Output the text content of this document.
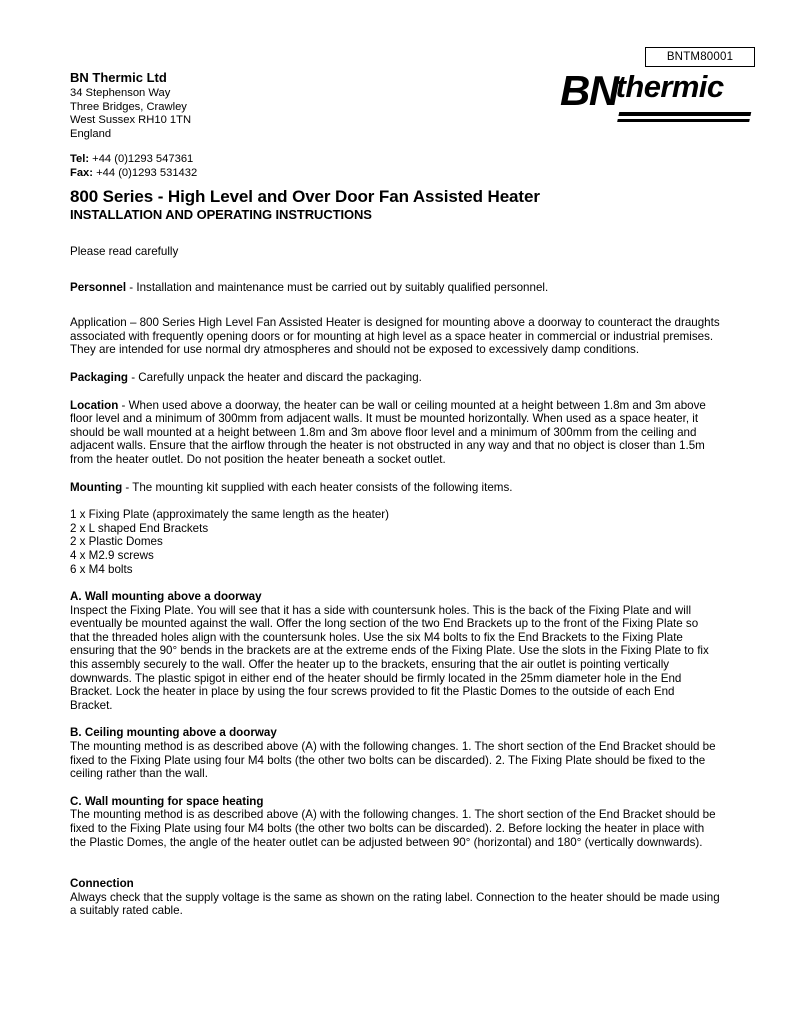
BNTM80001
BNthermic
BN Thermic Ltd
34 Stephenson Way
Three Bridges, Crawley
West Sussex RH10 1TN
England
Tel: +44 (0)1293 547361
Fax: +44 (0)1293 531432
800 Series - High Level and Over Door Fan Assisted Heater
INSTALLATION AND OPERATING INSTRUCTIONS

Please read carefully

Personnel - Installation and maintenance must be carried out by suitably qualified personnel.

Application – 800 Series High Level Fan Assisted Heater is designed for mounting above a doorway to counteract the draughts associated with frequently opening doors or for mounting at high level as a space heater in commercial or industrial premises. They are intended for use normal dry atmospheres and should not be exposed to excessively damp conditions.

Packaging - Carefully unpack the heater and discard the packaging.

Location - When used above a doorway, the heater can be wall or ceiling mounted at a height between 1.8m and 3m above floor level and a minimum of 300mm from adjacent walls. It must be mounted horizontally. When used as a space heater, it should be wall mounted at a height between 1.8m and 3m above floor level and a minimum of 300mm from the ceiling and adjacent walls. Ensure that the airflow through the heater is not obstructed in any way and that no object is closer than 1.5m from the heater outlet. Do not position the heater beneath a socket outlet.

Mounting - The mounting kit supplied with each heater consists of the following items.

1 x Fixing Plate (approximately the same length as the heater)
2 x L shaped End Brackets
2 x Plastic Domes
4 x M2.9 screws
6 x M4 bolts

A. Wall mounting above a doorway

Inspect the Fixing Plate. You will see that it has a side with countersunk holes. This is the back of the Fixing Plate and will eventually be mounted against the wall. Offer the long section of the two End Brackets up to the front of the Fixing Plate so that the threaded holes align with the countersunk holes. Use the six M4 bolts to fix the End Brackets to the Fixing Plate ensuring that the 90° bends in the brackets are at the extreme ends of the Fixing Plate. Use the slots in the Fixing Plate to fix this assembly securely to the wall. Offer the heater up to the brackets, ensuring that the air outlet is pointing vertically downwards. The plastic spigot in either end of the heater should be firmly located in the 25mm diameter hole in the End Bracket. Lock the heater in place by using the four screws provided to fit the Plastic Domes to the outside of each End Bracket.

B. Ceiling mounting above a doorway

The mounting method is as described above (A) with the following changes. 1. The short section of the End Bracket should be fixed to the Fixing Plate using four M4 bolts (the other two bolts can be discarded). 2. The Fixing Plate should be fixed to the ceiling rather than the wall.

C. Wall mounting for space heating

The mounting method is as described above (A) with the following changes. 1. The short section of the End Bracket should be fixed to the Fixing Plate using four M4 bolts (the other two bolts can be discarded). 2. Before locking the heater in place with the Plastic Domes, the angle of the heater outlet can be adjusted between 90° (horizontal) and 180° (vertically downwards).

Connection

Always check that the supply voltage is the same as shown on the rating label. Connection to the heater should be made using a suitably rated cable.
